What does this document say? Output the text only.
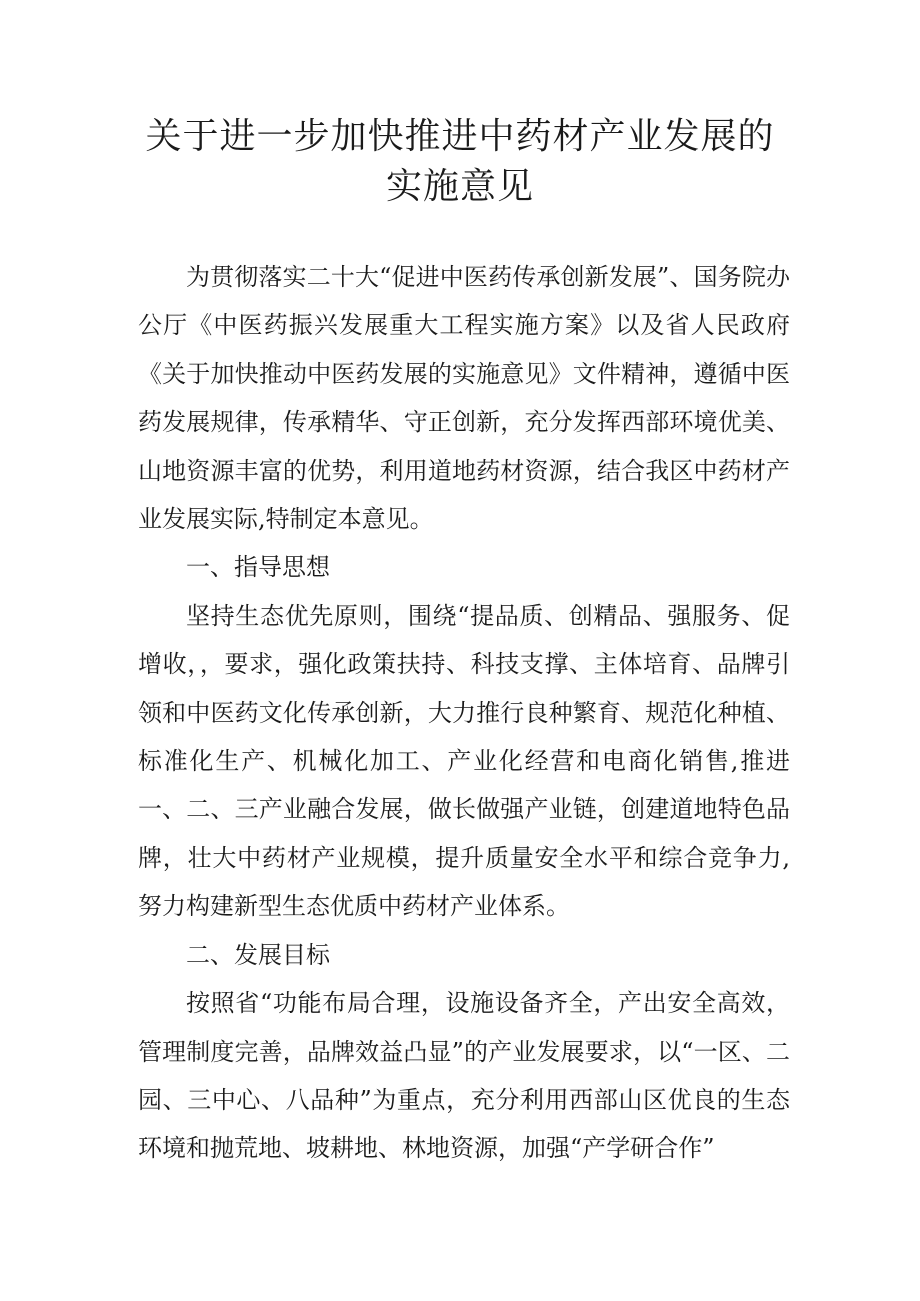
关于进一步加快推进中药材产业发展的实施意见

为贯彻落实二十大“促进中医药传承创新发展”、国务院办公厅《中医药振兴发展重大工程实施方案》以及省人民政府《关于加快推动中医药发展的实施意见》文件精神，遵循中医药发展规律，传承精华、守正创新，充分发挥西部环境优美、山地资源丰富的优势，利用道地药材资源，结合我区中药材产业发展实际,特制定本意见。

一、指导思想

坚持生态优先原则，围绕“提品质、创精品、强服务、促增收，，要求，强化政策扶持、科技支撑、主体培育、品牌引领和中医药文化传承创新，大力推行良种繁育、规范化种植、标准化生产、机械化加工、产业化经营和电商化销售,推进一、二、三产业融合发展，做长做强产业链，创建道地特色品牌，壮大中药材产业规模，提升质量安全水平和综合竞争力,努力构建新型生态优质中药材产业体系。

二、发展目标

按照省“功能布局合理，设施设备齐全，产出安全高效，管理制度完善，品牌效益凸显”的产业发展要求，以“一区、二园、三中心、八品种”为重点，充分利用西部山区优良的生态环境和抛荒地、坡耕地、林地资源，加强“产学研合作”
